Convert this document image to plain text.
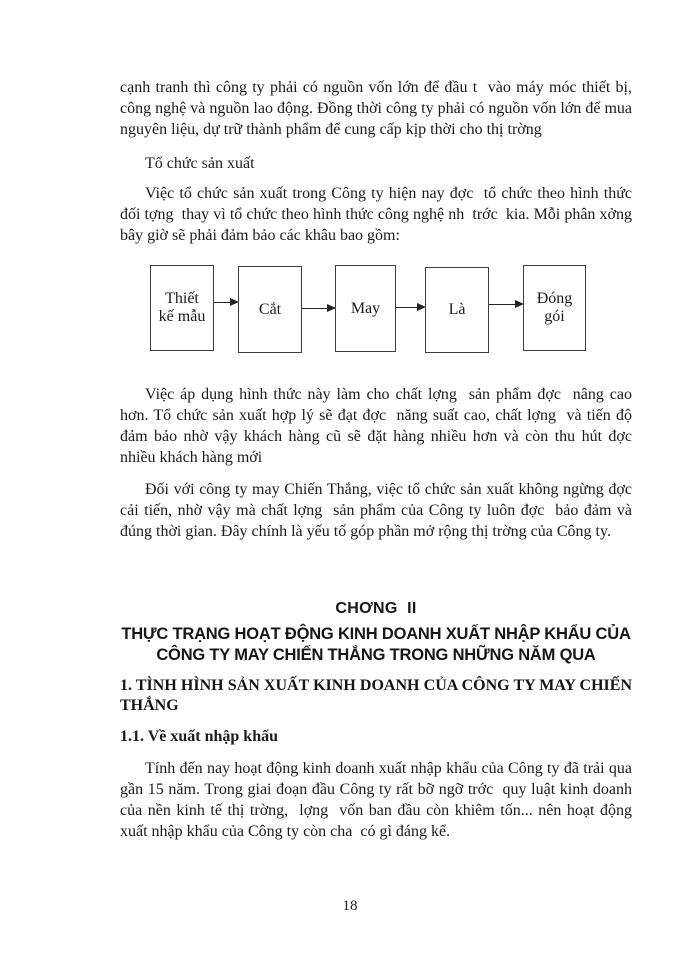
cạnh tranh thì công ty phải có nguồn vốn lớn để đầu t  vào máy móc thiết bị, công nghệ và nguồn lao động. Đồng thời công ty phải có nguồn vốn lớn để mua nguyên liệu, dự trữ thành phẩm để cung cấp kịp thời cho thị trờng
Tổ chức sản xuất
Việc tổ chức sản xuất trong Công ty hiện nay đợc  tổ chức theo hình thức đối tợng  thay vì tổ chức theo hình thức công nghệ nh  trớc  kia. Mỗi phân xởng  bây giờ sẽ phải đảm bảo các khâu bao gồm:
Thiết kế mẫu	Cắt	May	Là
Đóng gói
Việc áp dụng hình thức này làm cho chất lợng  sản phẩm đợc  nâng cao hơn. Tổ chức sản xuất hợp lý sẽ đạt đợc  năng suất cao, chất lợng  và tiến độ đảm bảo nhờ vậy khách hàng cũ sẽ đặt hàng nhiều hơn và còn thu hút đợc  nhiều khách hàng mới
Đối với công ty may Chiến Thắng, việc tổ chức sản xuất không ngừng đợc  cải tiến, nhờ vậy mà chất lợng  sản phẩm của Công ty luôn đợc  bảo đảm và đúng thời gian. Đây chính là yếu tố góp phần mở rộng thị trờng của Công ty.
CHƠNG  II
THỰC TRẠNG HOẠT ĐỘNG KINH DOANH XUẤT NHẬP KHẨU CỦA
CÔNG TY MAY CHIẾN THẮNG TRONG NHỮNG NĂM QUA
1. TÌNH HÌNH SẢN XUẤT KINH DOANH CỦA CÔNG TY MAY CHIẾN
THẮNG
1.1. Về xuất nhập khẩu
Tính đến nay hoạt động kinh doanh xuất nhập khẩu của Công ty đã trải qua gần 15 năm. Trong giai đoạn đầu Công ty rất bỡ ngỡ trớc  quy luật kinh doanh của nền kinh tế thị trờng,  lợng  vốn ban đầu còn khiêm tốn... nên hoạt động xuất nhập khẩu của Công ty còn cha  có gì đáng kể.
18
